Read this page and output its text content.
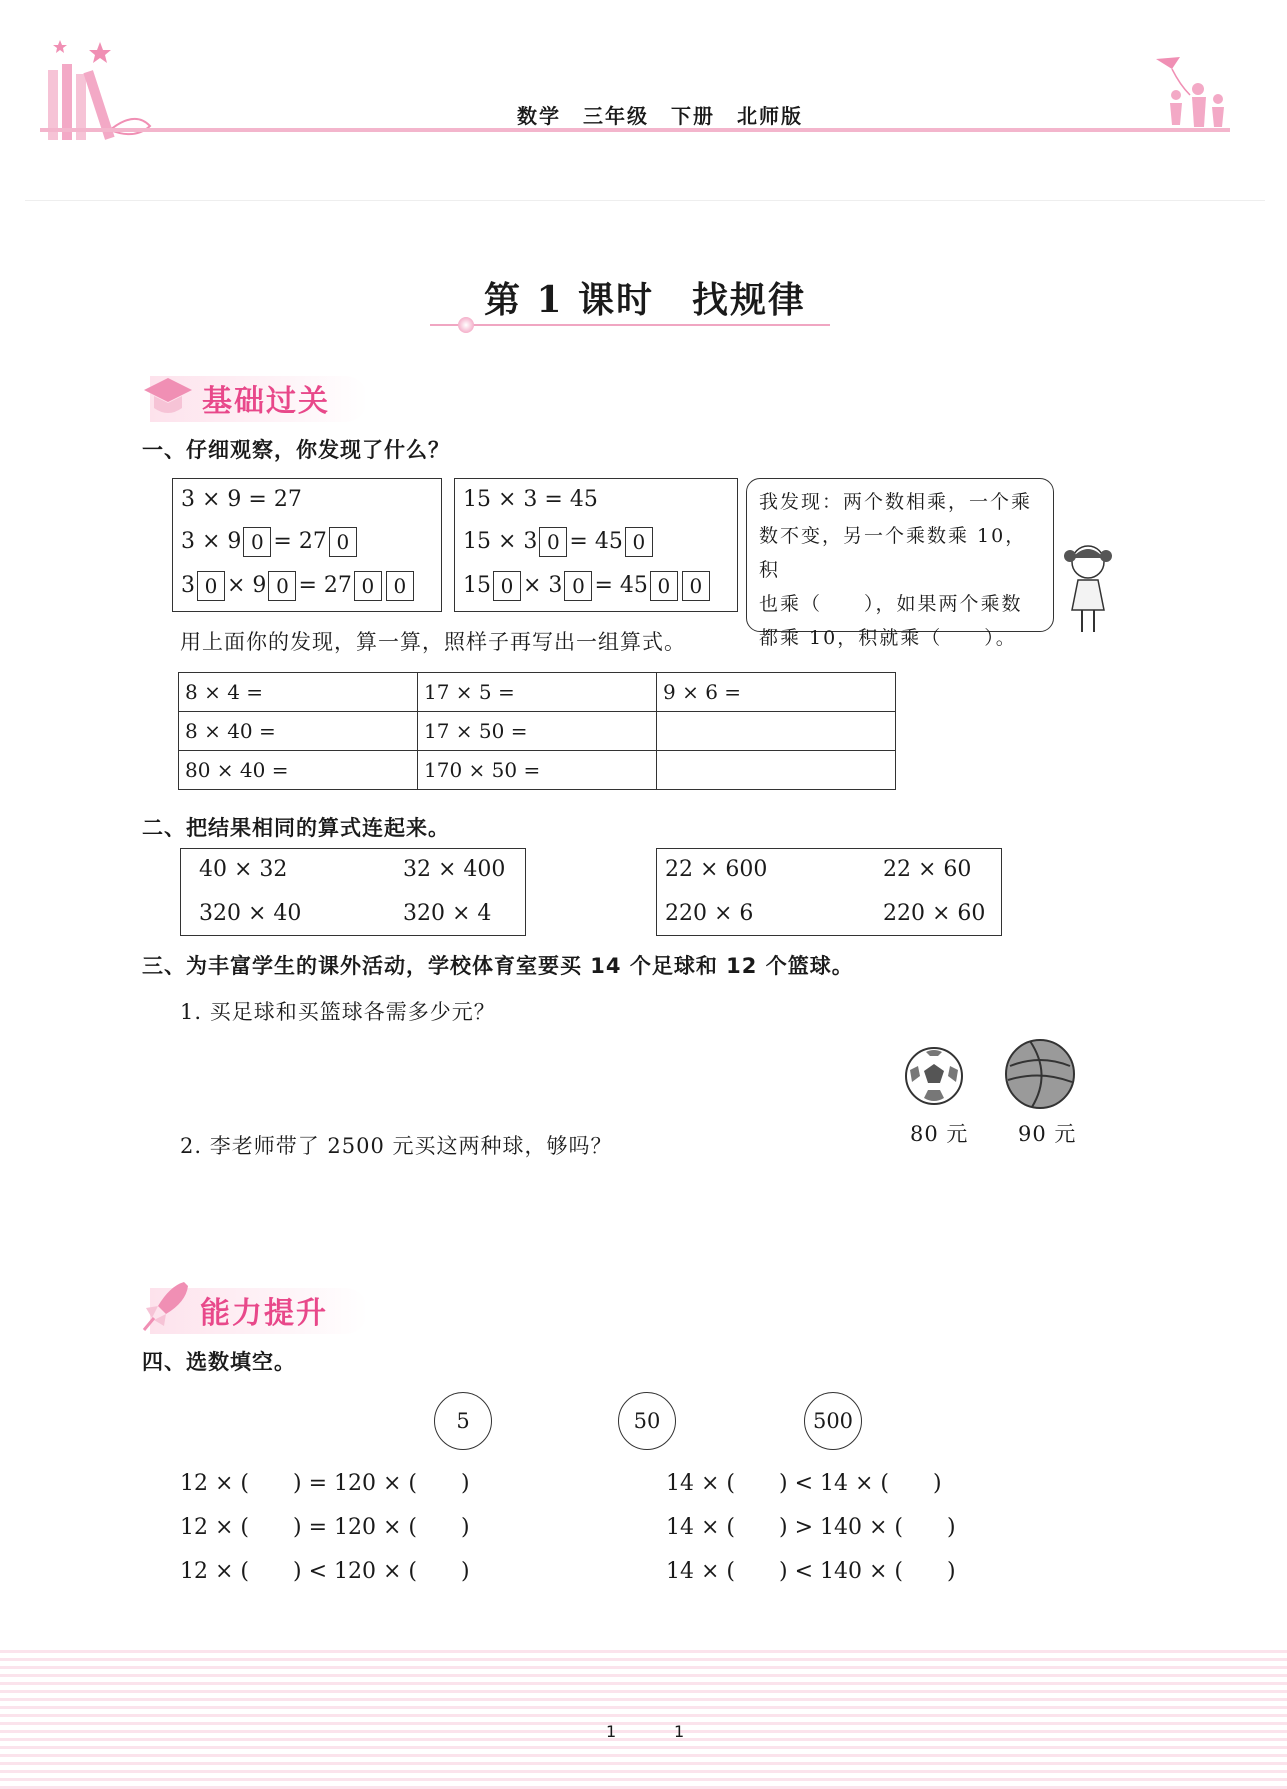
数学　三年级　下册　北师版
第 1 课时　找规律
基础过关
一、仔细观察，你发现了什么？
3 × 9 = 27
3 × 9 0 = 27 0
3 0 × 9 0 = 27 0 0
15 × 3 = 45
15 × 3 0 = 45 0
15 0 × 3 0 = 45 0 0
我发现：两个数相乘，一个乘
数不变，另一个乘数乘 10，积
也乘（　　），如果两个乘数
都乘 10，积就乘（　　）。
用上面你的发现，算一算，照样子再写出一组算式。
8 × 4 =	17 × 5 =	9 × 6 =
8 × 40 =	17 × 50 =	
80 × 40 =	170 × 50 =	
二、把结果相同的算式连起来。
40 × 32	32 × 400
320 × 40	320 × 4
22 × 600	22 × 60
220 × 6	220 × 60
三、为丰富学生的课外活动，学校体育室要买 14 个足球和 12 个篮球。
1. 买足球和买篮球各需多少元？
80 元 90 元
2. 李老师带了 2500 元买这两种球，够吗？
能力提升
四、选数填空。
5	50	500
12 × (　　) = 120 × (　　)
12 × (　　) = 120 × (　　)
12 × (　　) < 120 × (　　)
14 × (　　) < 14 × (　　)
14 × (　　) > 140 × (　　)
14 × (　　) < 140 × (　　)
1	1
